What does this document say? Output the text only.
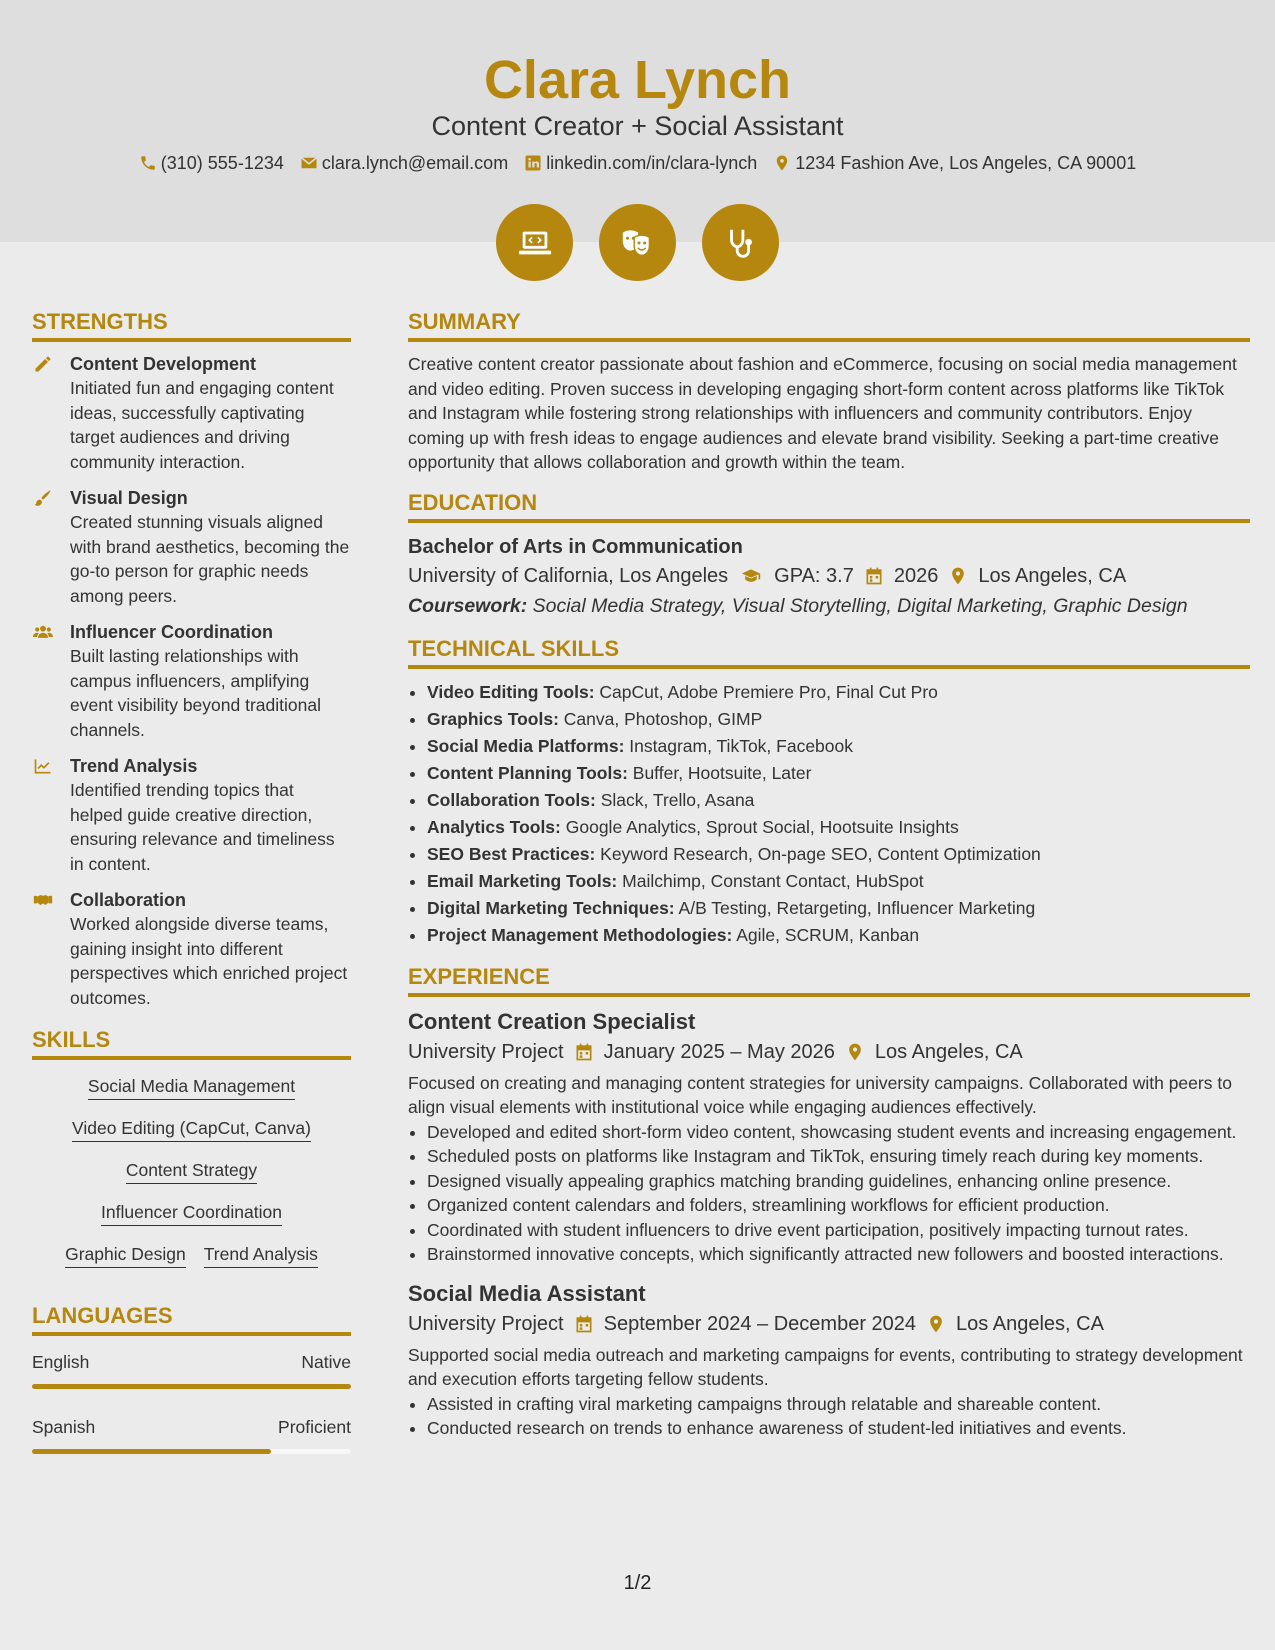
Clara Lynch
Content Creator + Social Assistant
(310) 555-1234 clara.lynch@email.com linkedin.com/in/clara-lynch 1234 Fashion Ave, Los Angeles, CA 90001
STRENGTHS
Content Development
Initiated fun and engaging content ideas, successfully captivating target audiences and driving community interaction.
Visual Design
Created stunning visuals aligned with brand aesthetics, becoming the go-to person for graphic needs among peers.
Influencer Coordination
Built lasting relationships with campus influencers, amplifying event visibility beyond traditional channels.
Trend Analysis
Identified trending topics that helped guide creative direction, ensuring relevance and timeliness in content.
Collaboration
Worked alongside diverse teams, gaining insight into different perspectives which enriched project outcomes.
SKILLS
Social Media Management
Video Editing (CapCut, Canva)
Content Strategy
Influencer Coordination
Graphic Design Trend Analysis
LANGUAGES
English	Native
Spanish	Proficient
SUMMARY
Creative content creator passionate about fashion and eCommerce, focusing on social media management and video editing. Proven success in developing engaging short-form content across platforms like TikTok and Instagram while fostering strong relationships with influencers and community contributors. Enjoy coming up with fresh ideas to engage audiences and elevate brand visibility. Seeking a part-time creative opportunity that allows collaboration and growth within the team.
EDUCATION
Bachelor of Arts in Communication
University of California, Los Angeles GPA: 3.7 2026 Los Angeles, CA
Coursework: Social Media Strategy, Visual Storytelling, Digital Marketing, Graphic Design
TECHNICAL SKILLS
• Video Editing Tools: CapCut, Adobe Premiere Pro, Final Cut Pro
• Graphics Tools: Canva, Photoshop, GIMP
• Social Media Platforms: Instagram, TikTok, Facebook
• Content Planning Tools: Buffer, Hootsuite, Later
• Collaboration Tools: Slack, Trello, Asana
• Analytics Tools: Google Analytics, Sprout Social, Hootsuite Insights
• SEO Best Practices: Keyword Research, On-page SEO, Content Optimization
• Email Marketing Tools: Mailchimp, Constant Contact, HubSpot
• Digital Marketing Techniques: A/B Testing, Retargeting, Influencer Marketing
• Project Management Methodologies: Agile, SCRUM, Kanban
EXPERIENCE
Content Creation Specialist
University Project January 2025 – May 2026 Los Angeles, CA
Focused on creating and managing content strategies for university campaigns. Collaborated with peers to align visual elements with institutional voice while engaging audiences effectively.
• Developed and edited short-form video content, showcasing student events and increasing engagement.
• Scheduled posts on platforms like Instagram and TikTok, ensuring timely reach during key moments.
• Designed visually appealing graphics matching branding guidelines, enhancing online presence.
• Organized content calendars and folders, streamlining workflows for efficient production.
• Coordinated with student influencers to drive event participation, positively impacting turnout rates.
• Brainstormed innovative concepts, which significantly attracted new followers and boosted interactions.
Social Media Assistant
University Project September 2024 – December 2024 Los Angeles, CA
Supported social media outreach and marketing campaigns for events, contributing to strategy development and execution efforts targeting fellow students.
• Assisted in crafting viral marketing campaigns through relatable and shareable content.
• Conducted research on trends to enhance awareness of student-led initiatives and events.
1/2
